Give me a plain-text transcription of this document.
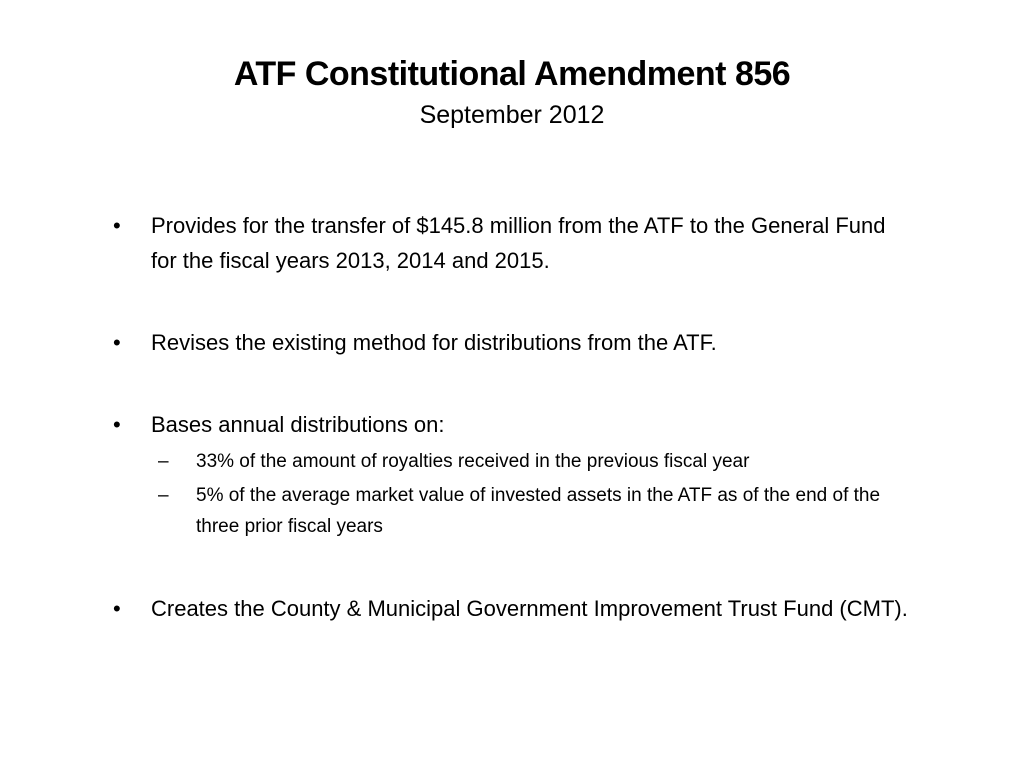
ATF Constitutional Amendment 856
September 2012
•	Provides for the transfer of $145.8 million from the ATF to the General Fund for the fiscal years 2013, 2014 and 2015.
•	Revises the existing method for distributions from the ATF.
•	Bases annual distributions on:
– 33% of the amount of royalties received in the previous fiscal year
– 5% of the average market value of invested assets in the ATF as of the end of the three prior fiscal years
•	Creates the County & Municipal Government Improvement Trust Fund (CMT).
